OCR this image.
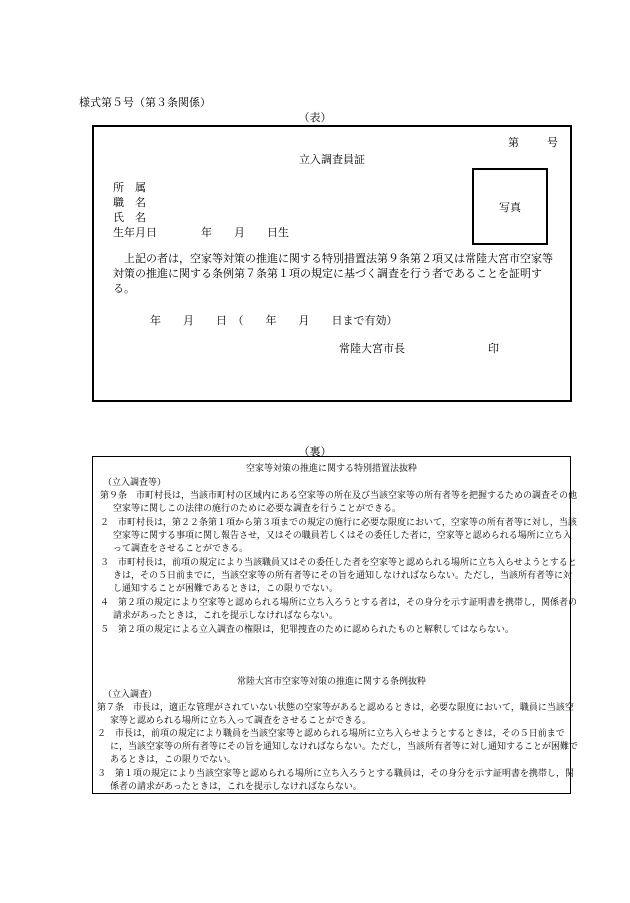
様式第５号（第３条関係）
（表）
第	号
立入調査員証
所　属
職　名
氏　名
生年月日　　　　年　　月　　日生
写真

上記の者は，空家等対策の推進に関する特別措置法第９条第２項又は常陸大宮市空家等対策の推進に関する条例第７条第１項の規定に基づく調査を行う者であることを証明する。

年　　月　　日　（　　年　　月　　日まで有効）
常陸大宮市長	印
（裏）
空家等対策の推進に関する特別措置法抜粋
（立入調査等）
第９条　市町村長は，当該市町村の区域内にある空家等の所在及び当該空家等の所有者等を把握するための調査その他空家等に関しこの法律の施行のために必要な調査を行うことができる。
２　市町村長は，第２２条第１項から第３項までの規定の施行に必要な限度において，空家等の所有者等に対し，当該空家等に関する事項に関し報告させ，又はその職員若しくはその委任した者に，空家等と認められる場所に立ち入って調査をさせることができる。
３　市町村長は，前項の規定により当該職員又はその委任した者を空家等と認められる場所に立ち入らせようとするときは，その５日前までに，当該空家等の所有者等にその旨を通知しなければならない。ただし，当該所有者等に対し通知することが困難であるときは，この限りでない。
４　第２項の規定により空家等と認められる場所に立ち入ろうとする者は，その身分を示す証明書を携帯し，関係者の請求があったときは，これを提示しなければならない。
５　第２項の規定による立入調査の権限は，犯罪捜査のために認められたものと解釈してはならない。
常陸大宮市空家等対策の推進に関する条例抜粋
（立入調査）
第７条　市長は，適正な管理がされていない状態の空家等があると認めるときは，必要な限度において，職員に当該空家等と認められる場所に立ち入って調査をさせることができる。
２　市長は，前項の規定により職員を当該空家等と認められる場所に立ち入らせようとするときは，その５日前までに，当該空家等の所有者等にその旨を通知しなければならない。ただし，当該所有者等に対し通知することが困難であるときは，この限りでない。
３　第１項の規定により当該空家等と認められる場所に立ち入ろうとする職員は，その身分を示す証明書を携帯し，関係者の請求があったときは，これを提示しなければならない。
